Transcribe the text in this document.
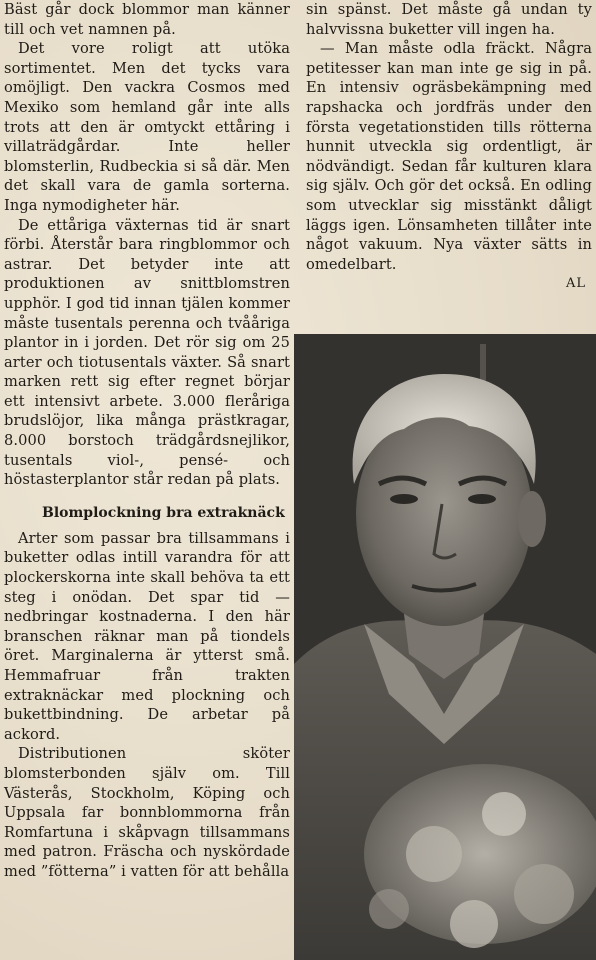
Bäst går dock blommor man känner till och vet namnen på.

Det vore roligt att utöka sortimentet. Men det tycks vara omöjligt. Den vackra Cosmos med Mexiko som hemland går inte alls trots att den är omtyckt ettåring i villaträdgårdar. Inte heller blomsterlin, Rudbeckia si så där. Men det skall vara de gamla sorterna. Inga nymodigheter här.

De ettåriga växternas tid är snart förbi. Återstår bara ringblommor och astrar. Det betyder inte att produktionen av snittblomstren upphör. I god tid innan tjälen kommer måste tusentals perenna och tvååriga plantor in i jorden. Det rör sig om 25 arter och tiotusentals växter. Så snart marken rett sig efter regnet börjar ett intensivt arbete. 3.000 fleråriga brudslöjor, lika många prästkragar, 8.000 borstoch trädgårdsnejlikor, tusentals viol-, pensé- och höstasterplantor står redan på plats.

Blomplockning bra extraknäck

Arter som passar bra tillsammans i buketter odlas intill varandra för att plockerskorna inte skall behöva ta ett steg i onödan. Det spar tid — nedbringar kostnaderna. I den här branschen räknar man på tiondels öret. Marginalerna är ytterst små. Hemmafruar från trakten extraknäckar med plockning och bukettbindning. De arbetar på ackord.

Distributionen sköter blomsterbonden själv om. Till Västerås, Stockholm, Köping och Uppsala far bonnblommorna från Romfartuna i skåpvagn tillsammans med patron. Fräscha och nyskördade med ”fötterna” i vatten för att behålla

sin spänst. Det måste gå undan ty halvvissna buketter vill ingen ha.

— Man måste odla fräckt. Några petitesser kan man inte ge sig in på. En intensiv ogräsbekämpning med rapshacka och jordfräs under den första vegetationstiden tills rötterna hunnit utveckla sig ordentligt, är nödvändigt. Sedan får kulturen klara sig själv. Och gör det också. En odling som utvecklar sig misstänkt dåligt läggs igen. Lönsamheten tillåter inte något vakuum. Nya växter sätts in omedelbart.

AL
